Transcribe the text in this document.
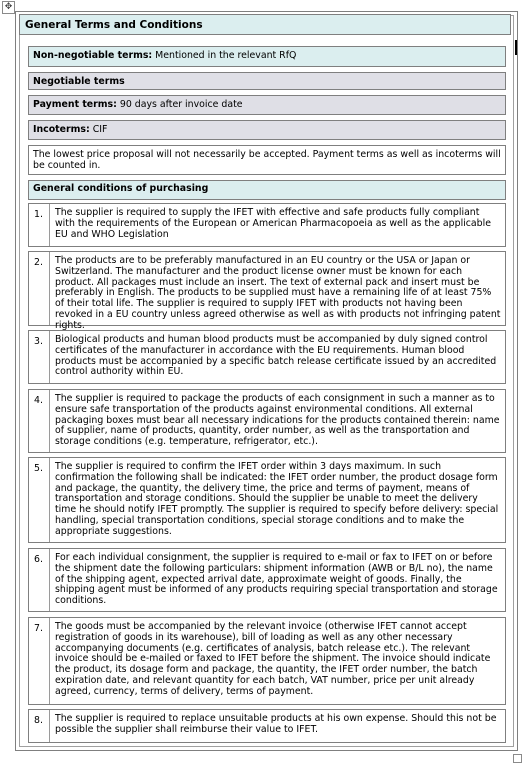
✥
General Terms and Conditions
Non-negotiable terms: Mentioned in the relevant RfQ
Negotiable terms
Payment terms: 90 days after invoice date
Incoterms: CIF
The lowest price proposal will not necessarily be accepted. Payment terms as well as incoterms will be counted in.
General conditions of purchasing
1.	The supplier is required to supply the IFET with effective and safe products fully compliant with the requirements of the European or American Pharmacopoeia as well as the applicable EU and WHO Legislation
2.	The products are to be preferably manufactured in an EU country or the USA or Japan or Switzerland. The manufacturer and the product license owner must be known for each product. All packages must include an insert. The text of external pack and insert must be preferably in English. The products to be supplied must have a remaining life of at least 75% of their total life. The supplier is required to supply IFET with products not having been revoked in a EU country unless agreed otherwise as well as with products not infringing patent rights.
3.	Biological products and human blood products must be accompanied by duly signed control certificates of the manufacturer in accordance with the EU requirements. Human blood products must be accompanied by a specific batch release certificate issued by an accredited control authority within EU.
4.	The supplier is required to package the products of each consignment in such a manner as to ensure safe transportation of the products against environmental conditions. All external packaging boxes must bear all necessary indications for the products contained therein: name of supplier, name of products, quantity, order number, as well as the transportation and storage conditions (e.g. temperature, refrigerator, etc.).
5.	The supplier is required to confirm the IFET order within 3 days maximum. In such confirmation the following shall be indicated: the IFET order number, the product dosage form and package, the quantity, the delivery time, the price and terms of payment, means of transportation and storage conditions. Should the supplier be unable to meet the delivery time he should notify IFET promptly. The supplier is required to specify before delivery: special handling, special transportation conditions, special storage conditions and to make the appropriate suggestions.
6.	For each individual consignment, the supplier is required to e-mail or fax to IFET on or before the shipment date the following particulars: shipment information (AWB or B/L no), the name of the shipping agent, expected arrival date, approximate weight of goods. Finally, the shipping agent must be informed of any products requiring special transportation and storage conditions.
7.	The goods must be accompanied by the relevant invoice (otherwise IFET cannot accept registration of goods in its warehouse), bill of loading as well as any other necessary accompanying documents (e.g. certificates of analysis, batch release etc.). The relevant invoice should be e-mailed or faxed to IFET before the shipment. The invoice should indicate the product, its dosage form and package, the quantity, the IFET order number, the batch expiration date, and relevant quantity for each batch, VAT number, price per unit already agreed, currency, terms of delivery, terms of payment.
8.	The supplier is required to replace unsuitable products at his own expense. Should this not be possible the supplier shall reimburse their value to IFET.
